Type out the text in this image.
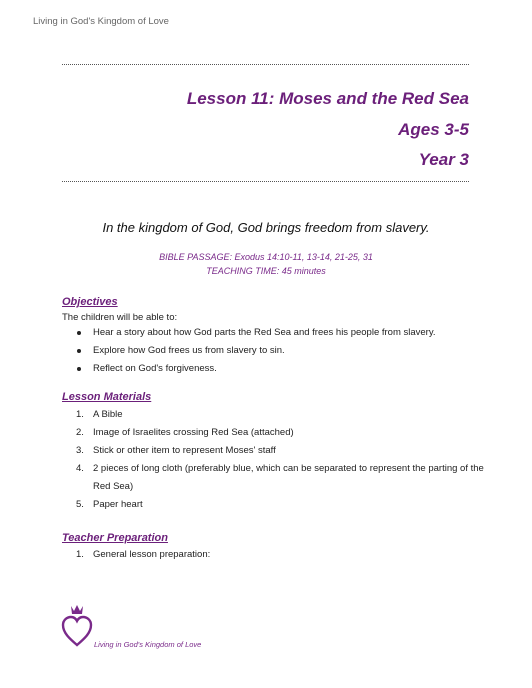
Living in God's Kingdom of Love
Lesson 11: Moses and the Red Sea
Ages 3-5
Year 3
In the kingdom of God, God brings freedom from slavery.
BIBLE PASSAGE: Exodus 14:10-11, 13-14, 21-25, 31
TEACHING TIME: 45 minutes
Objectives
The children will be able to:
Hear a story about how God parts the Red Sea and frees his people from slavery.
Explore how God frees us from slavery to sin.
Reflect on God's forgiveness.
Lesson Materials
1. A Bible
2. Image of Israelites crossing Red Sea (attached)
3. Stick or other item to represent Moses' staff
4. 2 pieces of long cloth (preferably blue, which can be separated to represent the parting of the Red Sea)
5. Paper heart
Teacher Preparation
1. General lesson preparation:
Living in God's Kingdom of Love
